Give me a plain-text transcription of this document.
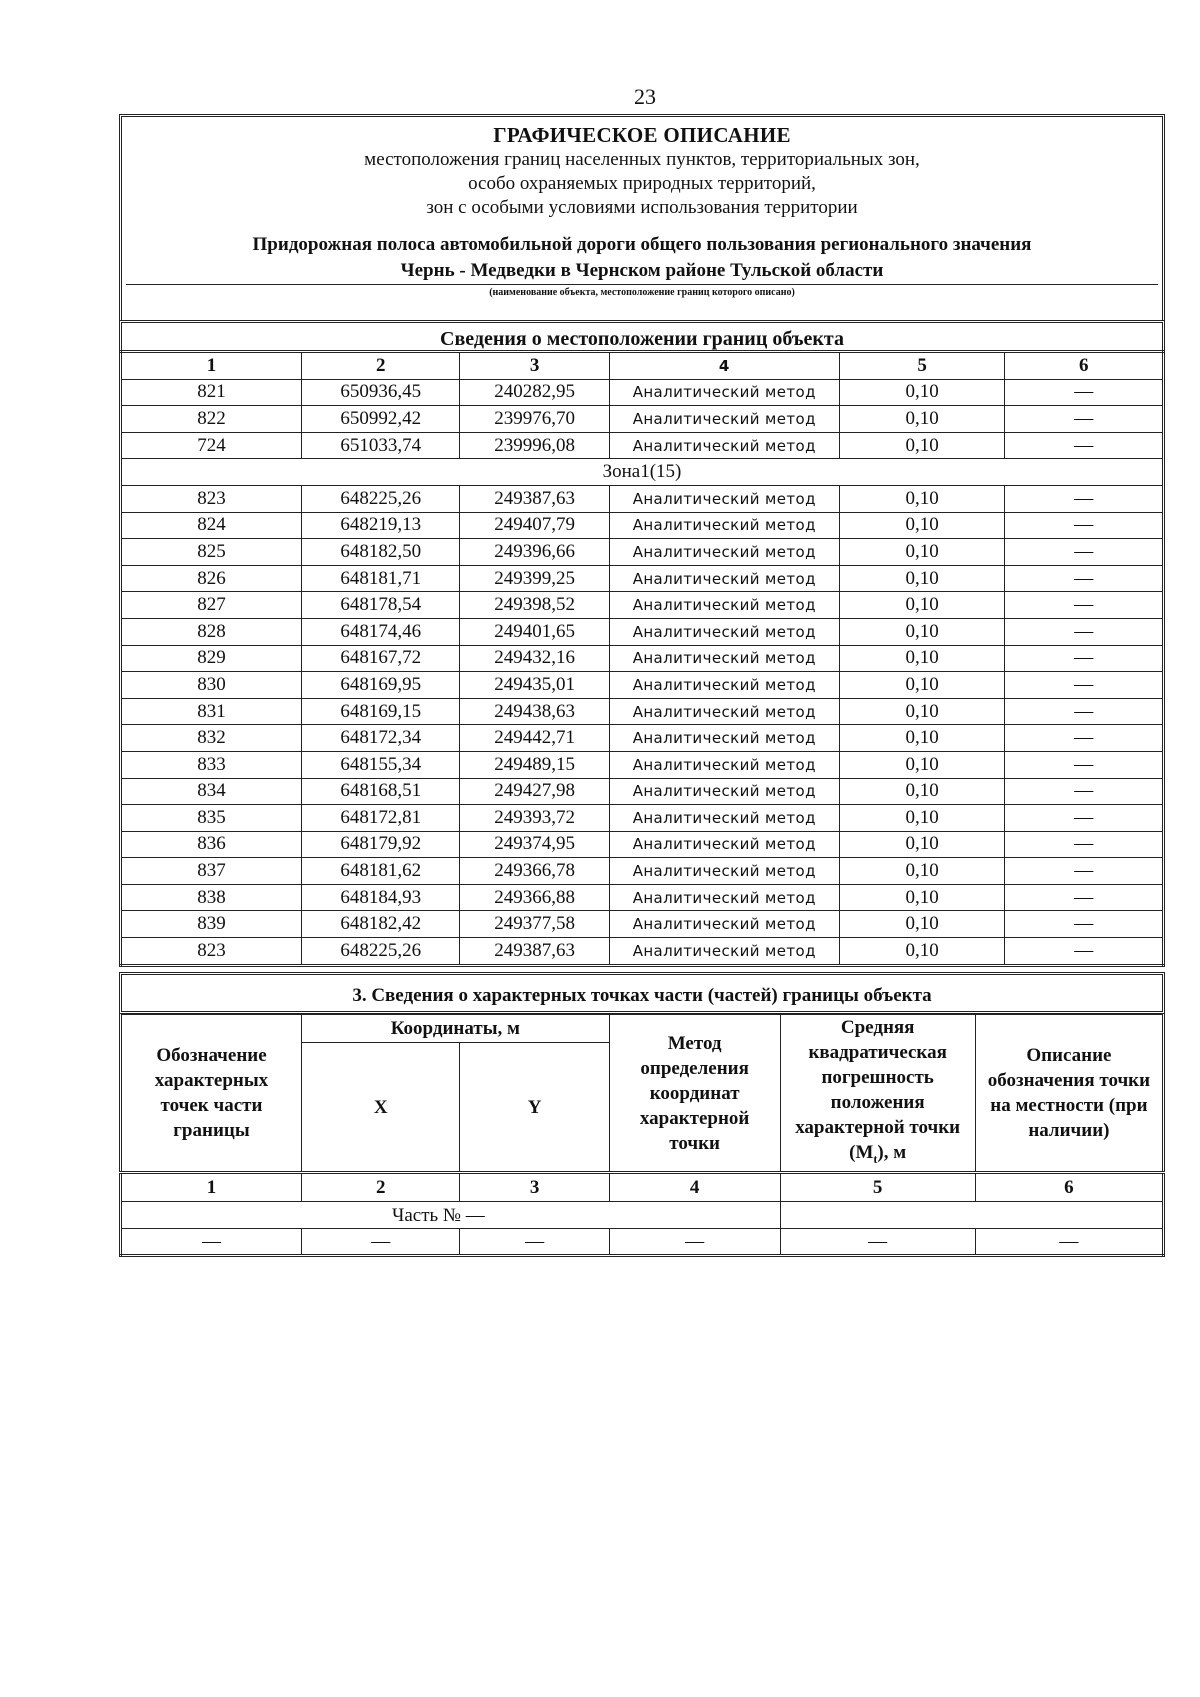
23
ГРАФИЧЕСКОЕ ОПИСАНИЕ
местоположения границ населенных пунктов, территориальных зон,
особо охраняемых природных территорий,
зон с особыми условиями использования территории
Придорожная полоса автомобильной дороги общего пользования регионального значения
Чернь - Медведки в Чернском районе Тульской области
(наименование объекта, местоположение границ которого описано)
Сведения о местоположении границ объекта
1	2	3	4	5	6
821	650936,45	240282,95	Аналитический метод	0,10	—
822	650992,42	239976,70	Аналитический метод	0,10	—
724	651033,74	239996,08	Аналитический метод	0,10	—
Зона1(15)					
823	648225,26	249387,63	Аналитический метод	0,10	—
824	648219,13	249407,79	Аналитический метод	0,10	—
825	648182,50	249396,66	Аналитический метод	0,10	—
826	648181,71	249399,25	Аналитический метод	0,10	—
827	648178,54	249398,52	Аналитический метод	0,10	—
828	648174,46	249401,65	Аналитический метод	0,10	—
829	648167,72	249432,16	Аналитический метод	0,10	—
830	648169,95	249435,01	Аналитический метод	0,10	—
831	648169,15	249438,63	Аналитический метод	0,10	—
832	648172,34	249442,71	Аналитический метод	0,10	—
833	648155,34	249489,15	Аналитический метод	0,10	—
834	648168,51	249427,98	Аналитический метод	0,10	—
835	648172,81	249393,72	Аналитический метод	0,10	—
836	648179,92	249374,95	Аналитический метод	0,10	—
837	648181,62	249366,78	Аналитический метод	0,10	—
838	648184,93	249366,88	Аналитический метод	0,10	—
839	648182,42	249377,58	Аналитический метод	0,10	—
823	648225,26	249387,63	Аналитический метод	0,10	—
3. Сведения о характерных точках части (частей) границы объекта
Обозначение характерных точек части границы	Координаты, м		Метод определения координат характерной точки	Средняя квадратическая погрешность положения характерной точки $(M_t)$, м	Описание обозначения точки на местности (при наличии)
	X	Y			
1	2	3	4	5	6
Часть № —					
—	—	—	—	—	—
